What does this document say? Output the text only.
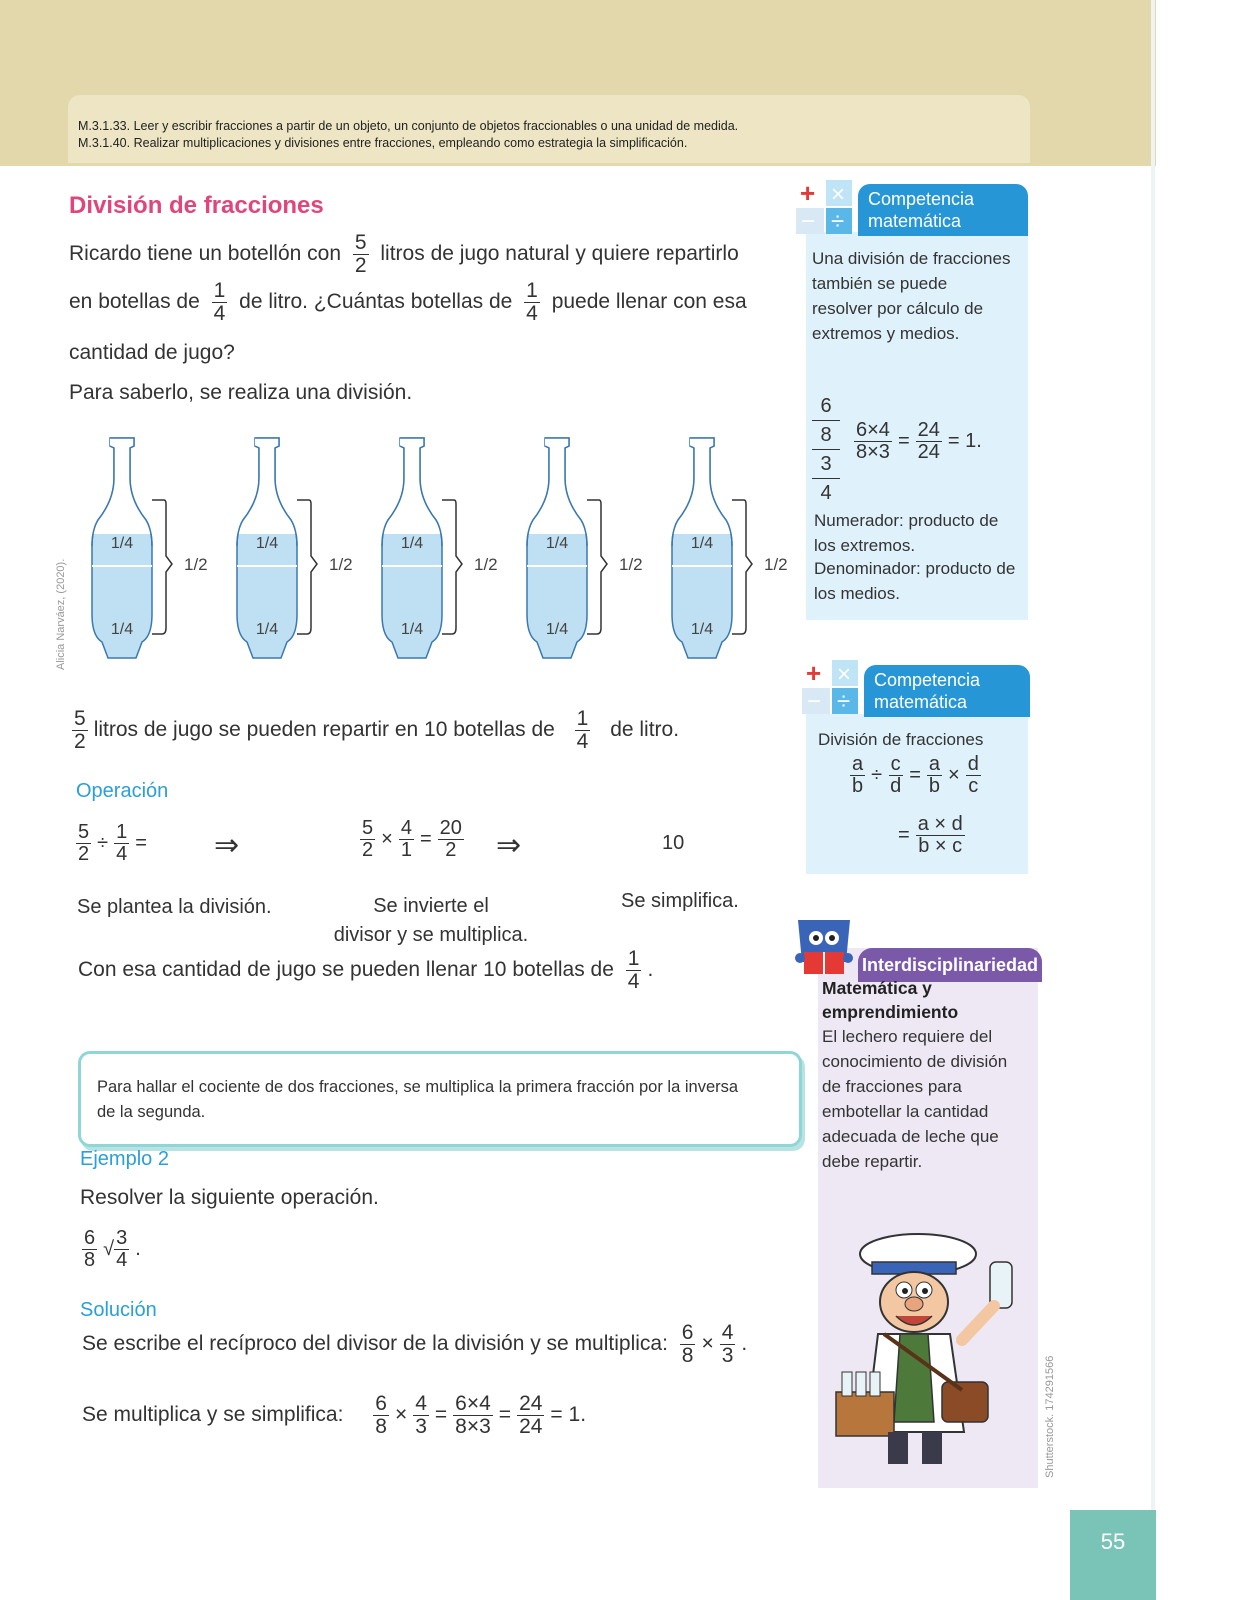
M.3.1.33. Leer y escribir fracciones a partir de un objeto, un conjunto de objetos fraccionables o una unidad de medida.
M.3.1.40. Realizar multiplicaciones y divisiones entre fracciones, empleando como estrategia la simplificación.
División de fracciones
Ricardo tiene un botellón con $\frac{5}{2}$ litros de jugo natural y quiere repartirlo
en botellas de $\frac{1}{4}$ de litro. ¿Cuántas botellas de $\frac{1}{4}$ puede llenar con esa
cantidad de jugo?
Para saberlo, se realiza una división.
1/4
1/4
1/2
1/4
1/4
1/2
1/4
1/4
1/2
1/4
1/4
1/2
1/4
1/4
1/2
Alicia Narváez, (2020).
$\frac{5}{2}$ litros de jugo se pueden repartir en 10 botellas de $\frac{1}{4}$ de litro.
Operación
$\frac{5}{2} \div \frac{1}{4}$ = ⇒	$\frac{5}{2} \times \frac{4}{1} = \frac{20}{2}$ ⇒	10
Se plantea la división.	Se invierte el
divisor y se multiplica.
Se simplifica.
Con esa cantidad de jugo se pueden llenar 10 botellas de $\frac{1}{4}$ .
Para hallar el cociente de dos fracciones, se multiplica la primera fracción por la inversa de la segunda.
Ejemplo 2
Resolver la siguiente operación.
$\frac{6}{8}$ √ $\frac{3}{4}$ .
Solución
Se escribe el recíproco del divisor de la división y se multiplica: $\frac{6}{8} \times \frac{4}{3}$ .
Se multiplica y se simplifica: $\frac{6}{8} \times \frac{4}{3} = \frac{6\times 4}{8\times 3} = \frac{24}{24} = 1$.
Competencia
matemática
+ ×
− ÷
Una división de fracciones también se puede resolver por cálculo de extremos y medios.
6
8
3
4
$\frac{6\times 4}{8\times 3} = \frac{24}{24} = 1$.
Numerador: producto de los extremos.
Denominador: producto de los medios.
Competencia
matemática
+ ×
− ÷
División de fracciones
$\frac{a}{b} \div \frac{c}{d} = \frac{a}{b} \times \frac{d}{c}$
= $\frac{a \times d}{b \times c}$
Interdisciplinariedad
Matemática y emprendimiento
El lechero requiere del conocimiento de división de fracciones para embotellar la cantidad adecuada de leche que debe repartir.
Shutterstock. 174291566
55
